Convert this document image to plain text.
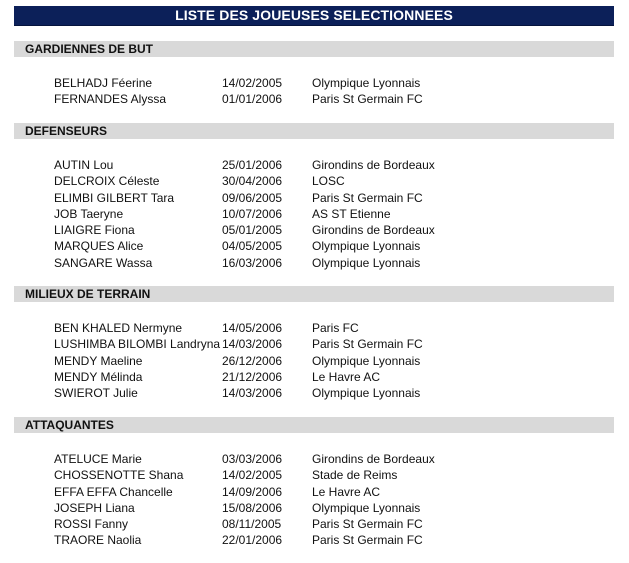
LISTE DES JOUEUSES SELECTIONNEES
GARDIENNES DE BUT
BELHADJ Féerine	14/02/2005 Olympique Lyonnais
FERNANDES Alyssa	01/01/2006 Paris St Germain FC
DEFENSEURS
AUTIN Lou	25/01/2006 Girondins de Bordeaux
DELCROIX Céleste	30/04/2006 LOSC
ELIMBI GILBERT Tara	09/06/2005 Paris St Germain FC
JOB Taeryne	10/07/2006 AS ST Etienne
LIAIGRE Fiona	05/01/2005 Girondins de Bordeaux
MARQUES Alice	04/05/2005 Olympique Lyonnais
SANGARE Wassa	16/03/2006 Olympique Lyonnais
MILIEUX DE TERRAIN
BEN KHALED Nermyne	14/05/2006 Paris FC
LUSHIMBA BILOMBI Landryna 14/03/2006 Paris St Germain FC
MENDY Maeline	26/12/2006 Olympique Lyonnais
MENDY Mélinda	21/12/2006 Le Havre AC
SWIEROT Julie	14/03/2006 Olympique Lyonnais
ATTAQUANTES
ATELUCE Marie	03/03/2006 Girondins de Bordeaux
CHOSSENOTTE Shana	14/02/2005 Stade de Reims
EFFA EFFA Chancelle	14/09/2006 Le Havre AC
JOSEPH Liana	15/08/2006 Olympique Lyonnais
ROSSI Fanny	08/11/2005	Paris St Germain FC
TRAORE Naolia	22/01/2006 Paris St Germain FC
